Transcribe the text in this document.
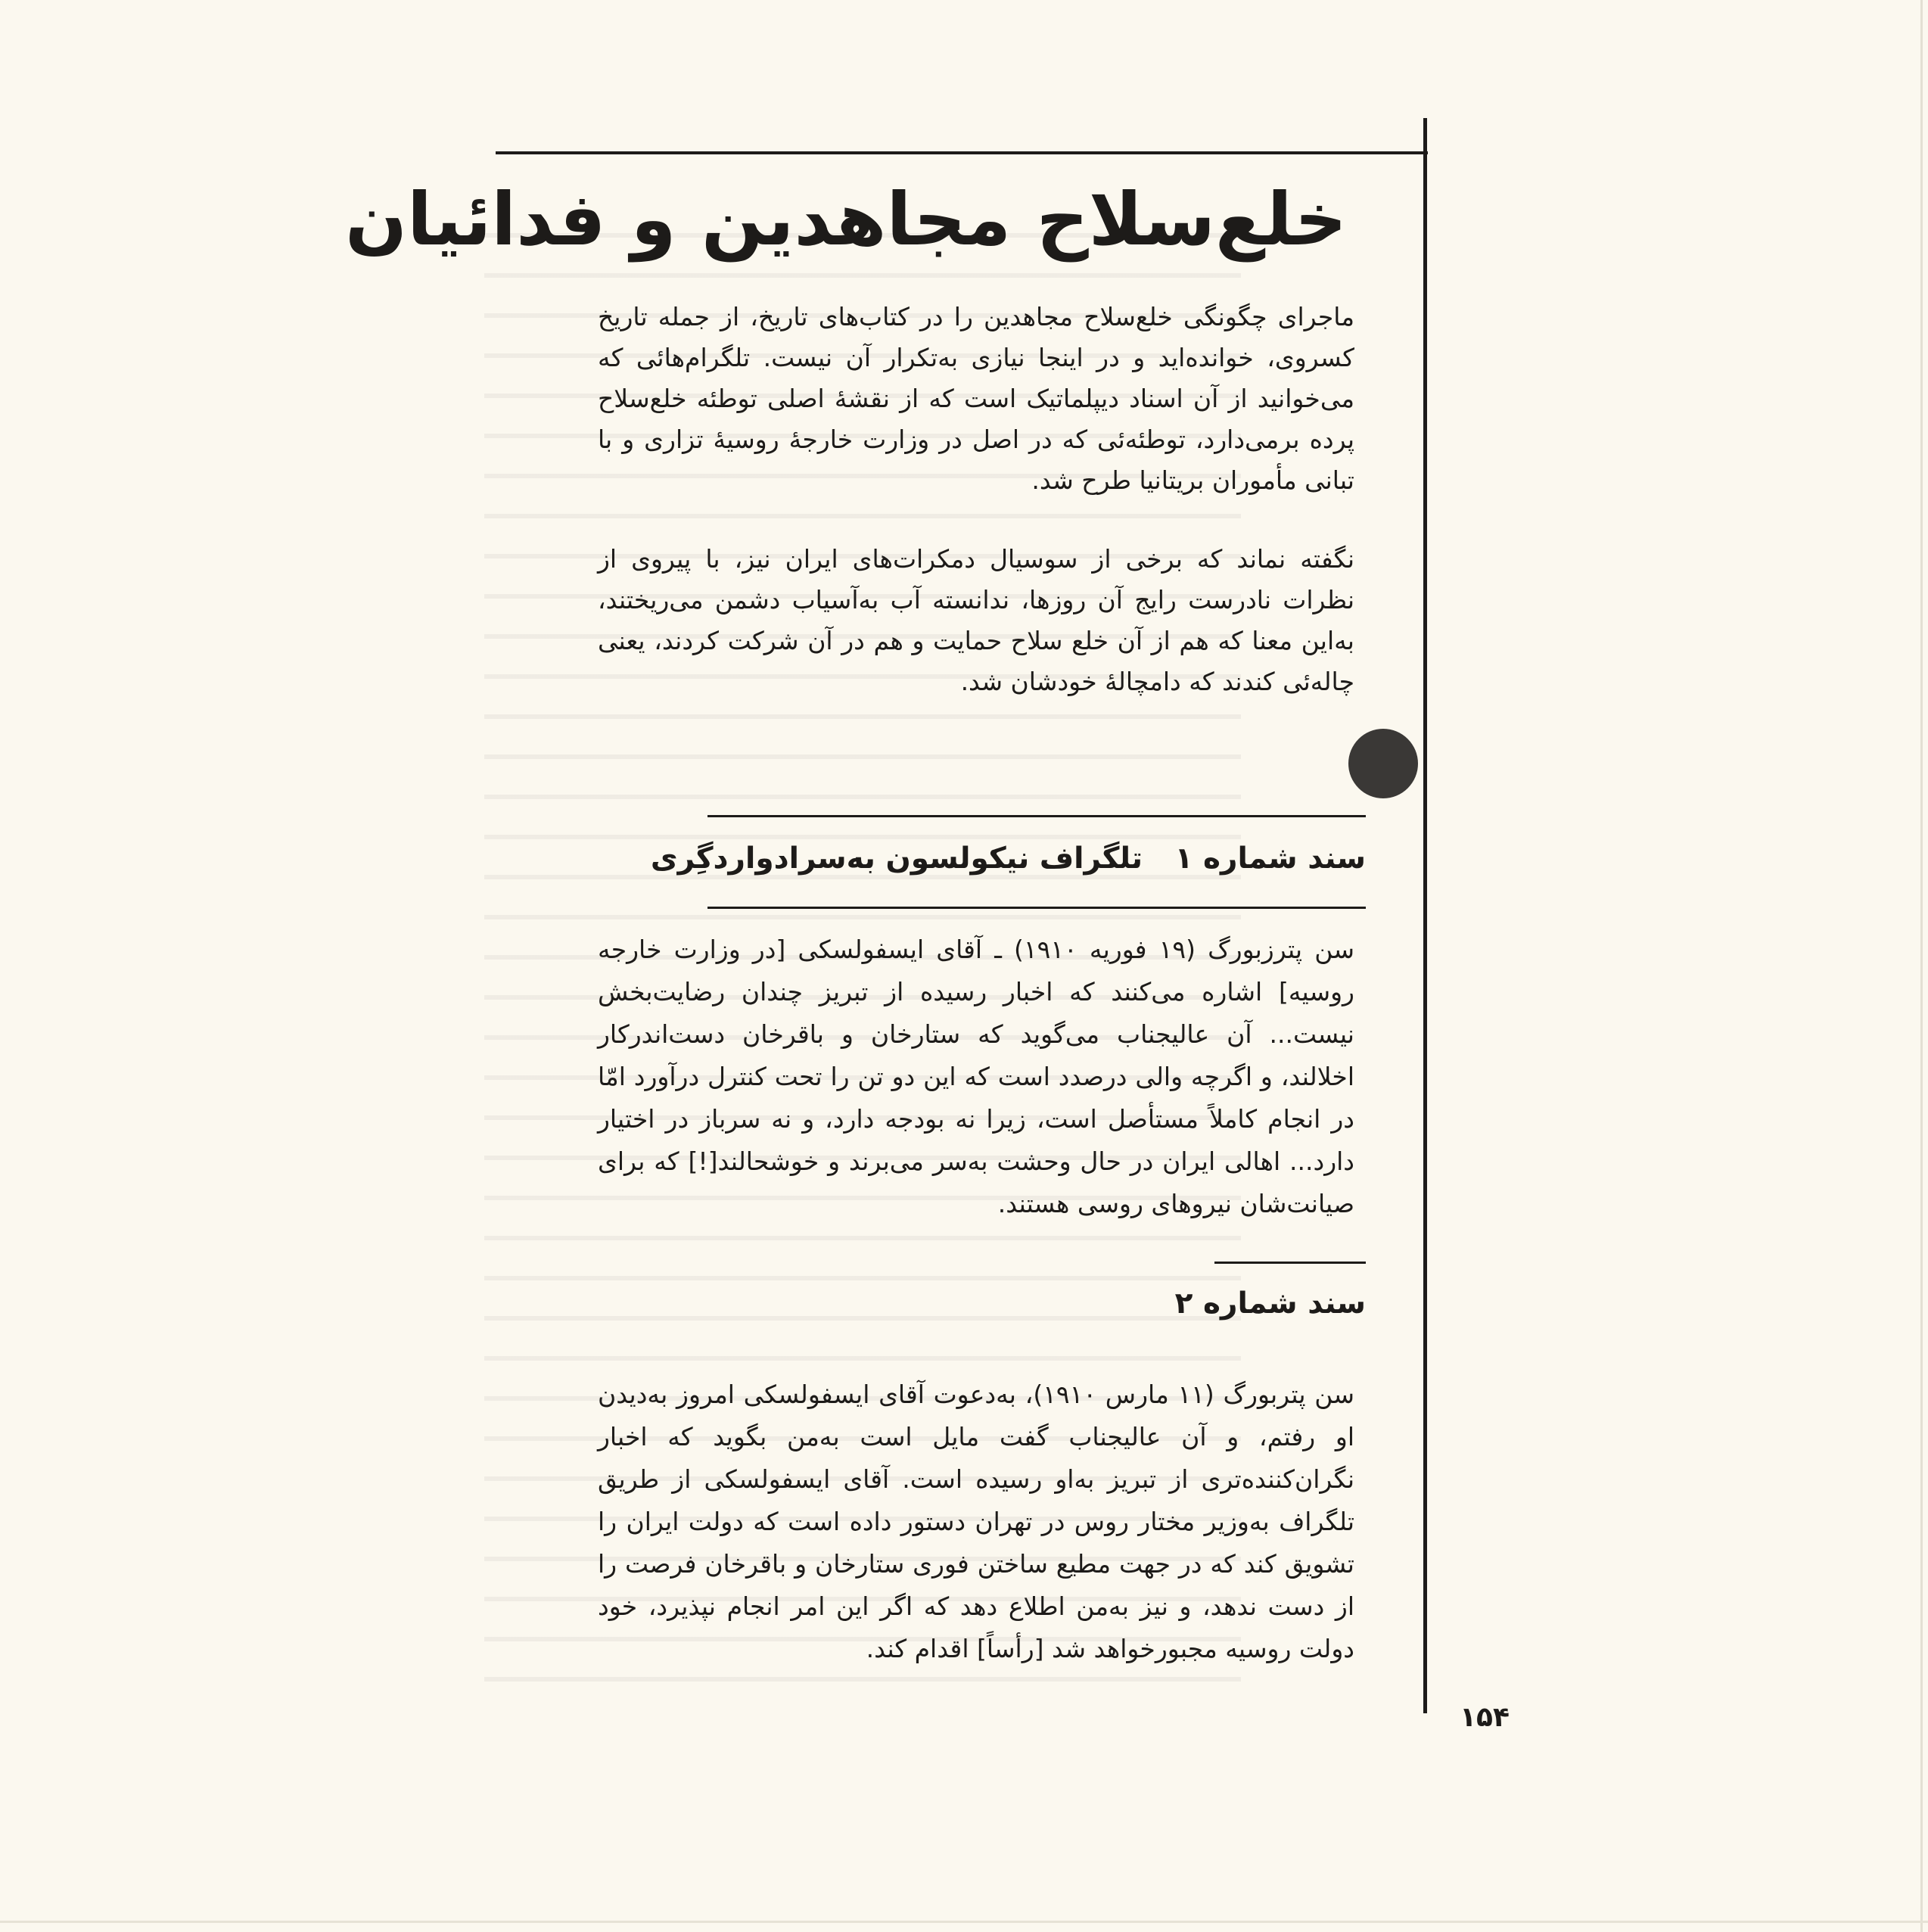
خلع‌سلاح مجاهدین و فدائیان

ماجرای چگونگی خلع‌سلاح مجاهدین را در کتاب‌های تاریخ، از جمله تاریخ کسروی، خوانده‌اید و در اینجا نیازی به‌تکرار آن نیست. تلگرام‌هائی که می‌خوانید از آن اسناد دیپلماتیک است که از نقشهٔ اصلی توطئه خلع‌سلاح پرده برمی‌دارد، توطئه‌ئی که در اصل در وزارت خارجهٔ روسیهٔ تزاری و با تبانی مأموران بریتانیا طرح شد.

نگفته نماند که برخی از سوسیال دمکرات‌های ایران نیز، با پیروی از نظرات نادرست رایج آن روزها، ندانسته آب به‌آسیاب دشمن می‌ریختند، به‌این معنا که هم از آن خلع سلاح حمایت و هم در آن شرکت کردند، یعنی چاله‌ئی کندند که دامچالهٔ خودشان شد.

سند شماره ۱
تلگراف نیکولسون به‌سرادواردگِری

سن پترزبورگ (۱۹ فوریه ۱۹۱۰) ـ آقای ایسفولسکی [در وزارت خارجه روسیه] اشاره می‌کنند که اخبار رسیده از تبریز چندان رضایت‌بخش نیست... آن عالیجناب می‌گوید که ستارخان و باقرخان دست‌اندرکار اخلالند، و اگرچه والی درصدد است که این دو تن را تحت کنترل درآورد امّا در انجام کاملاً مستأصل است، زیرا نه بودجه دارد، و نه سرباز در اختیار دارد... اهالی ایران در حال وحشت به‌سر می‌برند و خوشحالند[!] که برای صیانت‌شان نیروهای روسی هستند.

سند شماره ۲

سن پتربورگ (۱۱ مارس ۱۹۱۰)، به‌دعوت آقای ایسفولسکی امروز به‌دیدن او رفتم، و آن عالیجناب گفت مایل است به‌من بگوید که اخبار نگران‌کننده‌تری از تبریز به‌او رسیده است. آقای ایسفولسکی از طریق تلگراف به‌وزیر مختار روس در تهران دستور داده است که دولت ایران را تشویق کند که در جهت مطیع ساختن فوری ستارخان و باقرخان فرصت را از دست ندهد، و نیز به‌من اطلاع دهد که اگر این امر انجام نپذیرد، خود دولت روسیه مجبورخواهد شد [رأساً] اقدام کند.

۱۵۴
